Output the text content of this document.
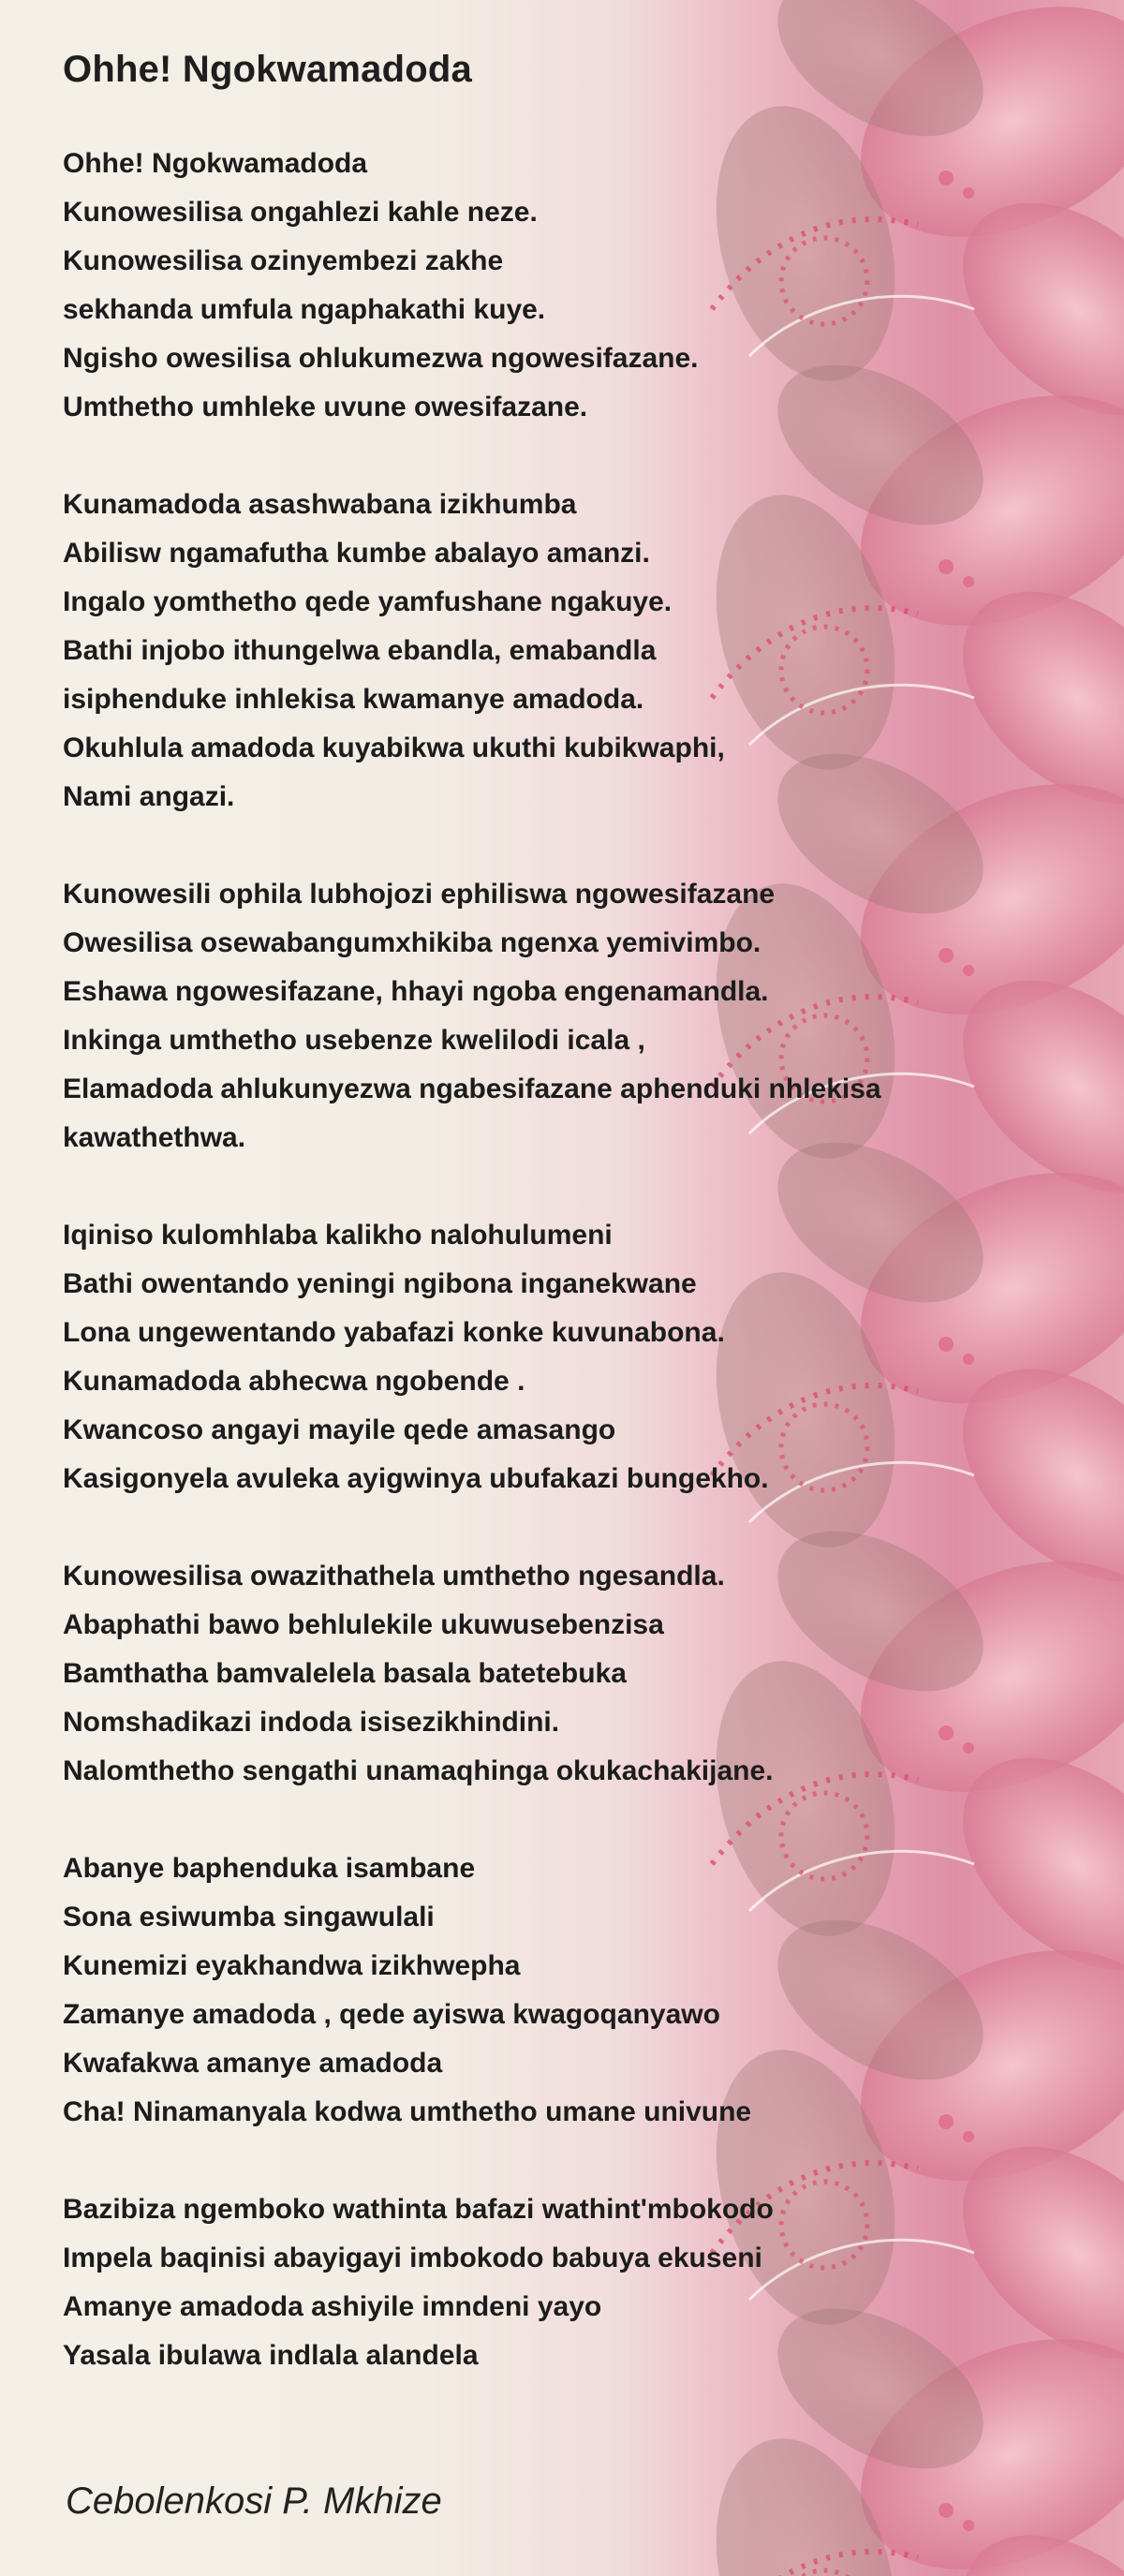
Ohhe! Ngokwamadoda
Ohhe! Ngokwamadoda
Kunowesilisa ongahlezi kahle neze.
Kunowesilisa ozinyembezi zakhe
sekhanda umfula ngaphakathi kuye.
Ngisho owesilisa ohlukumezwa ngowesifazane.
Umthetho umhleke uvune owesifazane.
Kunamadoda asashwabana izikhumba
Abilisw ngamafutha kumbe abalayo amanzi.
Ingalo yomthetho qede yamfushane ngakuye.
Bathi injobo ithungelwa ebandla, emabandla
isiphenduke inhlekisa kwamanye amadoda.
Okuhlula amadoda kuyabikwa ukuthi kubikwaphi,
Nami angazi.
Kunowesili ophila lubhojozi ephiliswa ngowesifazane
Owesilisa osewabangumxhikiba ngenxa yemivimbo.
Eshawa ngowesifazane, hhayi ngoba engenamandla.
Inkinga umthetho usebenze kwelilodi icala ,
Elamadoda ahlukunyezwa ngabesifazane aphenduki nhlekisa
kawathethwa.
Iqiniso kulomhlaba kalikho nalohulumeni
Bathi owentando yeningi ngibona inganekwane
Lona ungewentando yabafazi konke kuvunabona.
Kunamadoda abhecwa ngobende .
Kwancoso angayi mayile qede amasango
Kasigonyela avuleka ayigwinya ubufakazi bungekho.
Kunowesilisa owazithathela umthetho ngesandla.
Abaphathi bawo behlulekile ukuwusebenzisa
Bamthatha bamvalelela basala batetebuka
Nomshadikazi indoda isisezikhindini.
Nalomthetho sengathi unamaqhinga okukachakijane.
Abanye baphenduka isambane
Sona esiwumba singawulali
Kunemizi eyakhandwa izikhwepha
Zamanye amadoda , qede ayiswa kwagoqanyawo
Kwafakwa amanye amadoda
Cha! Ninamanyala kodwa umthetho umane univune
Bazibiza ngemboko wathinta bafazi wathint'mbokodo
Impela baqinisi abayigayi imbokodo babuya ekuseni
Amanye amadoda ashiyile imndeni yayo
Yasala ibulawa indlala alandela

Cebolenkosi P. Mkhize
